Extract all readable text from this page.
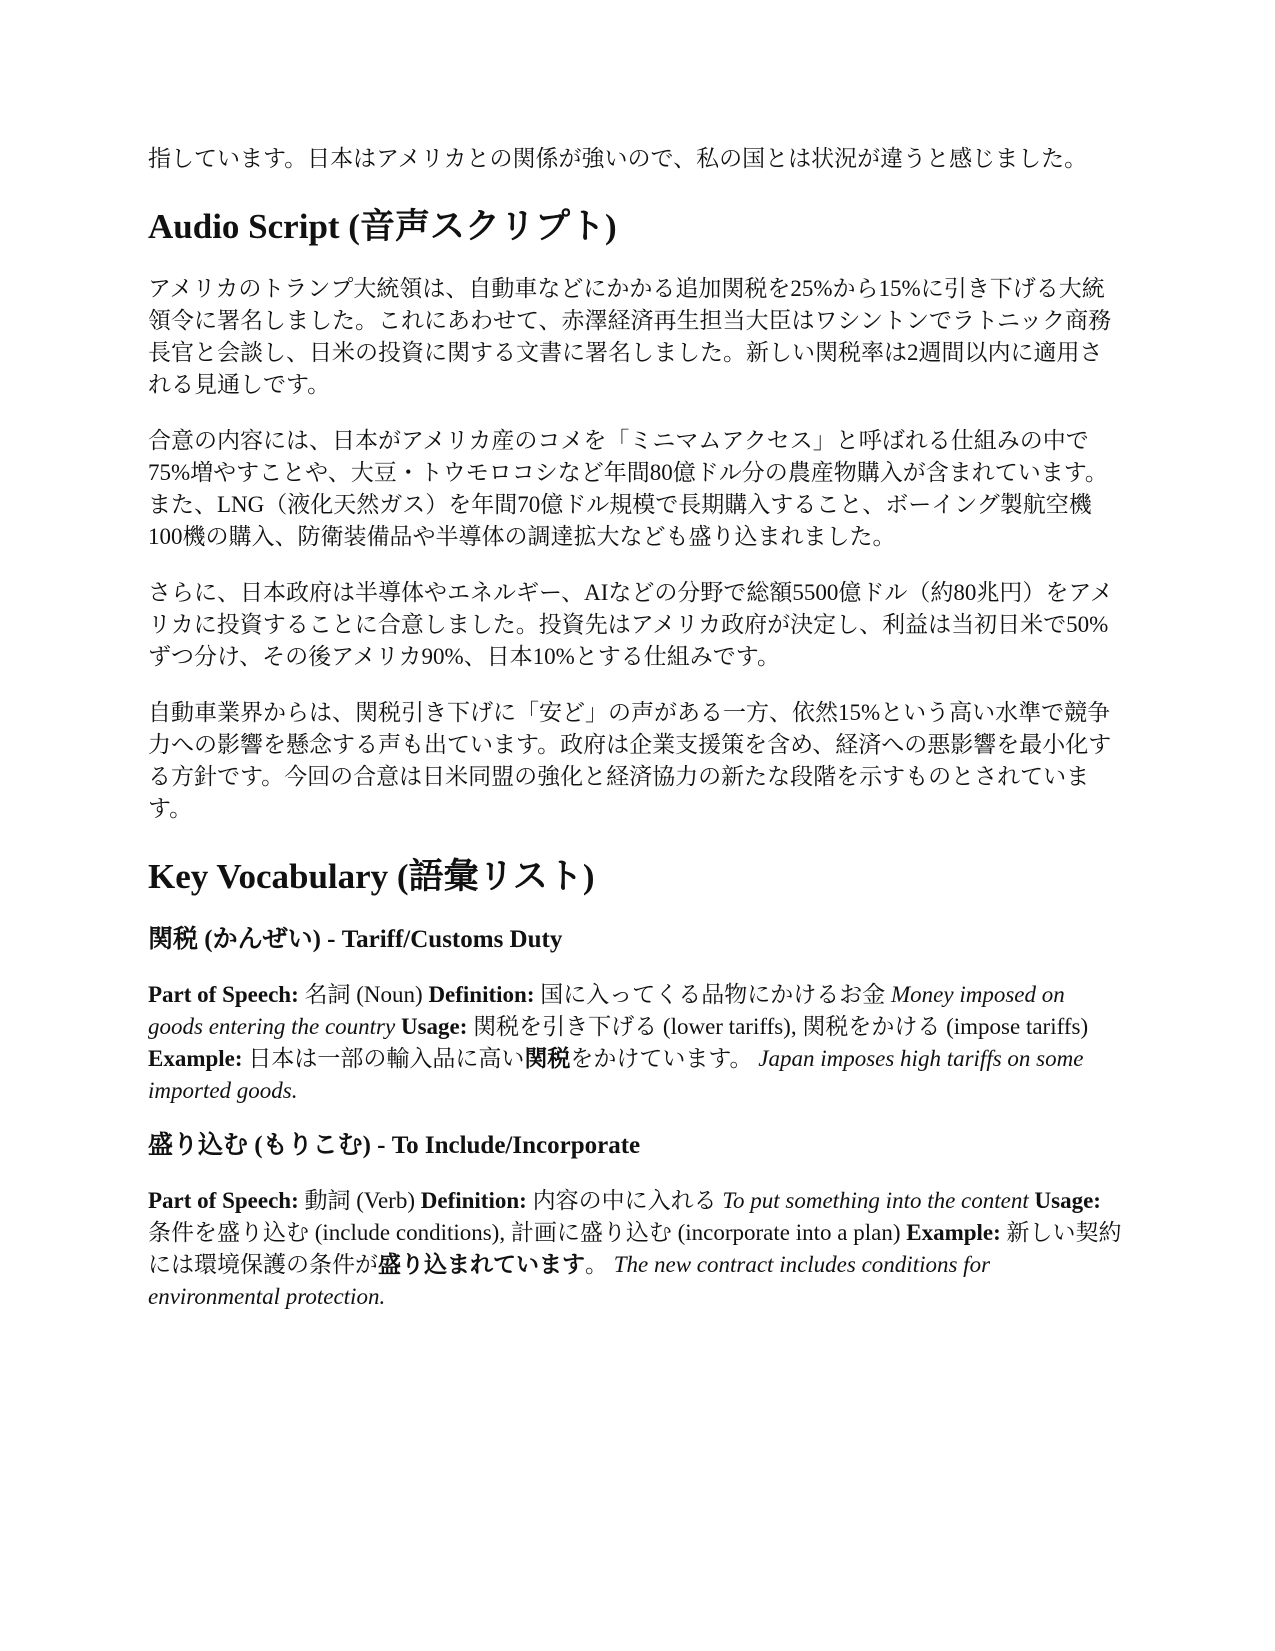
指しています。日本はアメリカとの関係が強いので、私の国とは状況が違うと感じました。

Audio Script (音声スクリプト)

アメリカのトランプ大統領は、自動車などにかかる追加関税を25%から15%に引き下げる大統領令に署名しました。これにあわせて、赤澤経済再生担当大臣はワシントンでラトニック商務長官と会談し、日米の投資に関する文書に署名しました。新しい関税率は2週間以内に適用される見通しです。

合意の内容には、日本がアメリカ産のコメを「ミニマムアクセス」と呼ばれる仕組みの中で75%増やすことや、大豆・トウモロコシなど年間80億ドル分の農産物購入が含まれています。また、LNG（液化天然ガス）を年間70億ドル規模で長期購入すること、ボーイング製航空機100機の購入、防衛装備品や半導体の調達拡大なども盛り込まれました。

さらに、日本政府は半導体やエネルギー、AIなどの分野で総額5500億ドル（約80兆円）をアメリカに投資することに合意しました。投資先はアメリカ政府が決定し、利益は当初日米で50%ずつ分け、その後アメリカ90%、日本10%とする仕組みです。

自動車業界からは、関税引き下げに「安ど」の声がある一方、依然15%という高い水準で競争力への影響を懸念する声も出ています。政府は企業支援策を含め、経済への悪影響を最小化する方針です。今回の合意は日米同盟の強化と経済協力の新たな段階を示すものとされています。

Key Vocabulary (語彙リスト)
関税 (かんぜい) - Tariff/Customs Duty

Part of Speech: 名詞 (Noun) Definition: 国に入ってくる品物にかけるお金 Money imposed on goods entering the country Usage: 関税を引き下げる (lower tariffs), 関税をかける (impose tariffs) Example: 日本は一部の輸入品に高い関税をかけています。 Japan imposes high tariffs on some imported goods.

盛り込む (もりこむ) - To Include/Incorporate

Part of Speech: 動詞 (Verb) Definition: 内容の中に入れる To put something into the content Usage: 条件を盛り込む (include conditions), 計画に盛り込む (incorporate into a plan) Example: 新しい契約には環境保護の条件が盛り込まれています。 The new contract includes conditions for environmental protection.
